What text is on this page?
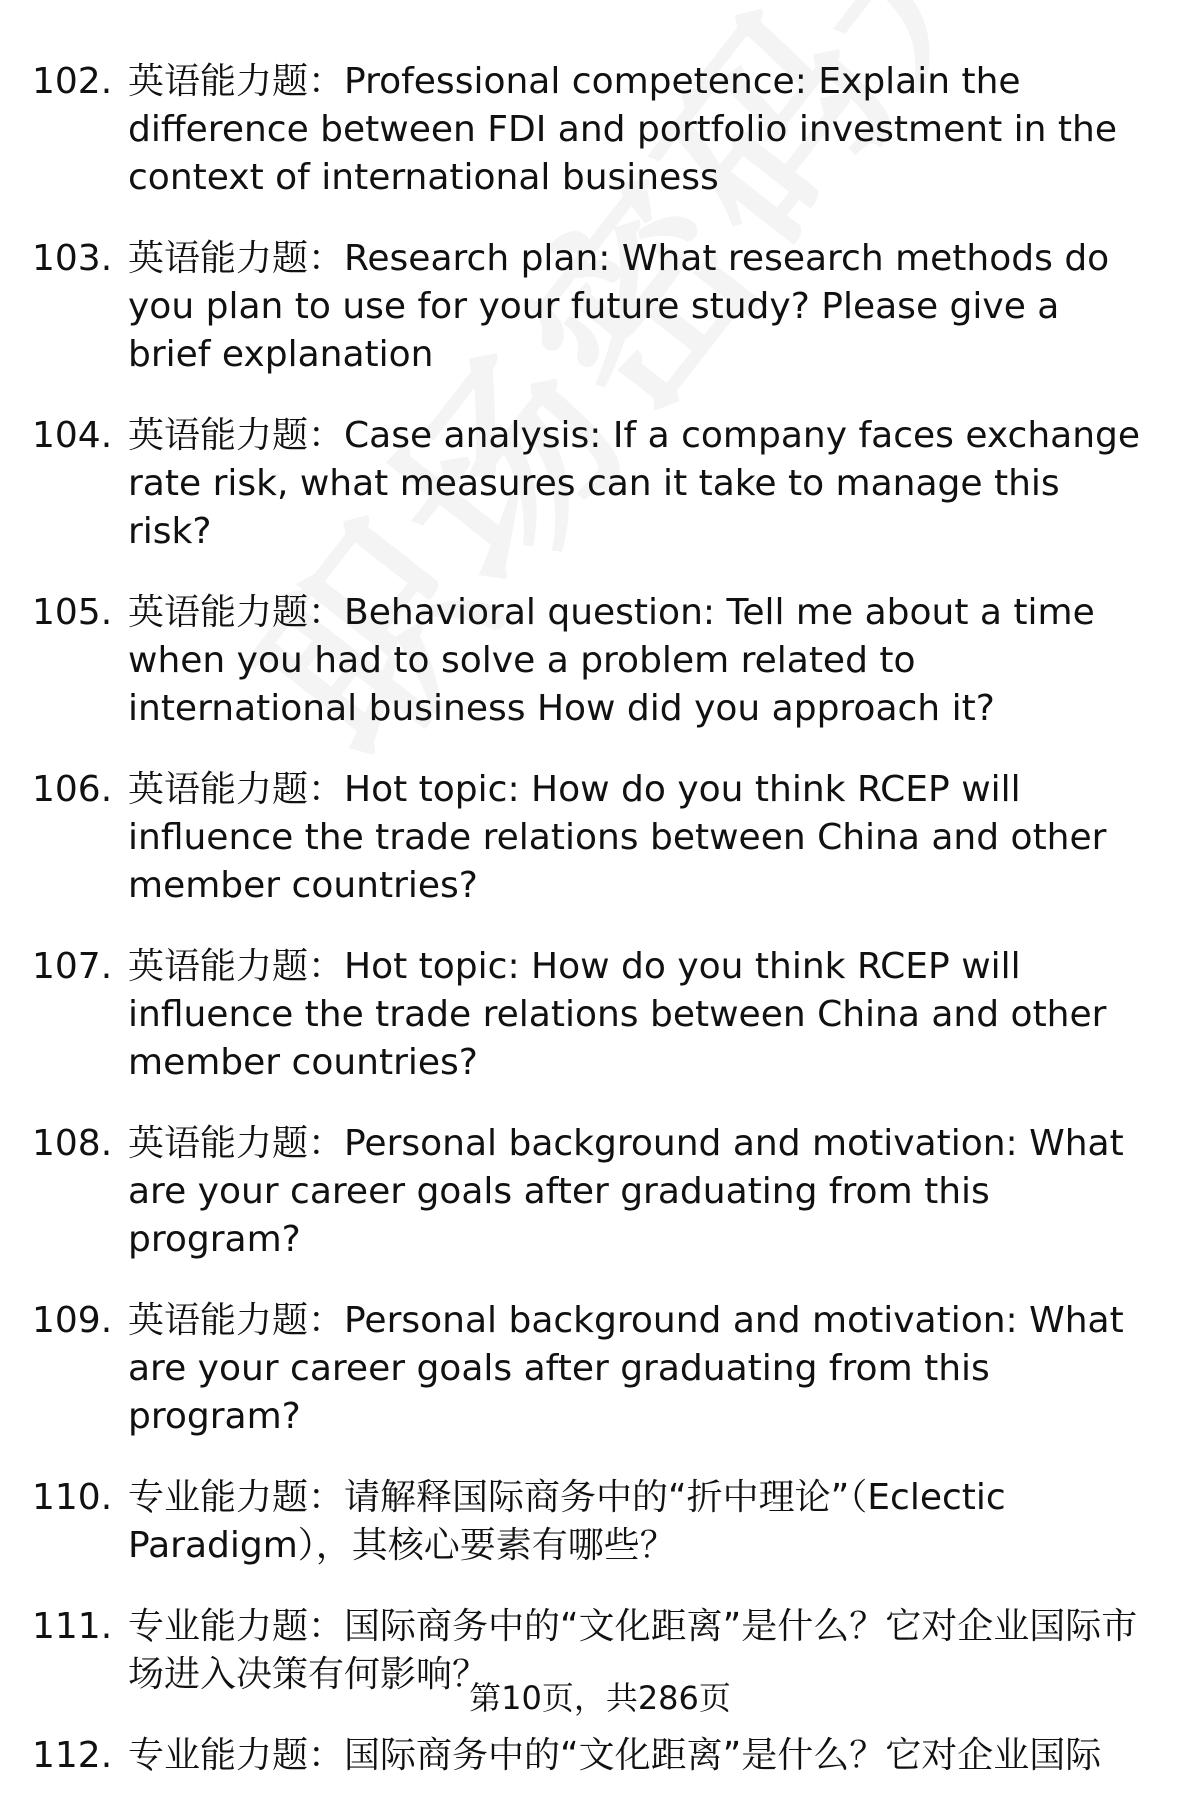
102. 英语能力题：Professional competence: Explain the difference between FDI and portfolio investment in the context of international business
103. 英语能力题：Research plan: What research methods do you plan to use for your future study? Please give a brief explanation
104. 英语能力题：Case analysis: If a company faces exchange rate risk, what measures can it take to manage this risk?
105. 英语能力题：Behavioral question: Tell me about a time when you had to solve a problem related to international business How did you approach it?
106. 英语能力题：Hot topic: How do you think RCEP will influence the trade relations between China and other member countries?
107. 英语能力题：Hot topic: How do you think RCEP will influence the trade relations between China and other member countries?
108. 英语能力题：Personal background and motivation: What are your career goals after graduating from this program?
109. 英语能力题：Personal background and motivation: What are your career goals after graduating from this program?
110. 专业能力题：请解释国际商务中的“折中理论”（Eclectic Paradigm），其核心要素有哪些？
111. 专业能力题：国际商务中的“文化距离”是什么？它对企业国际市场进入决策有何影响？
112. 专业能力题：国际商务中的“文化距离”是什么？它对企业国际
第10页，共286页
